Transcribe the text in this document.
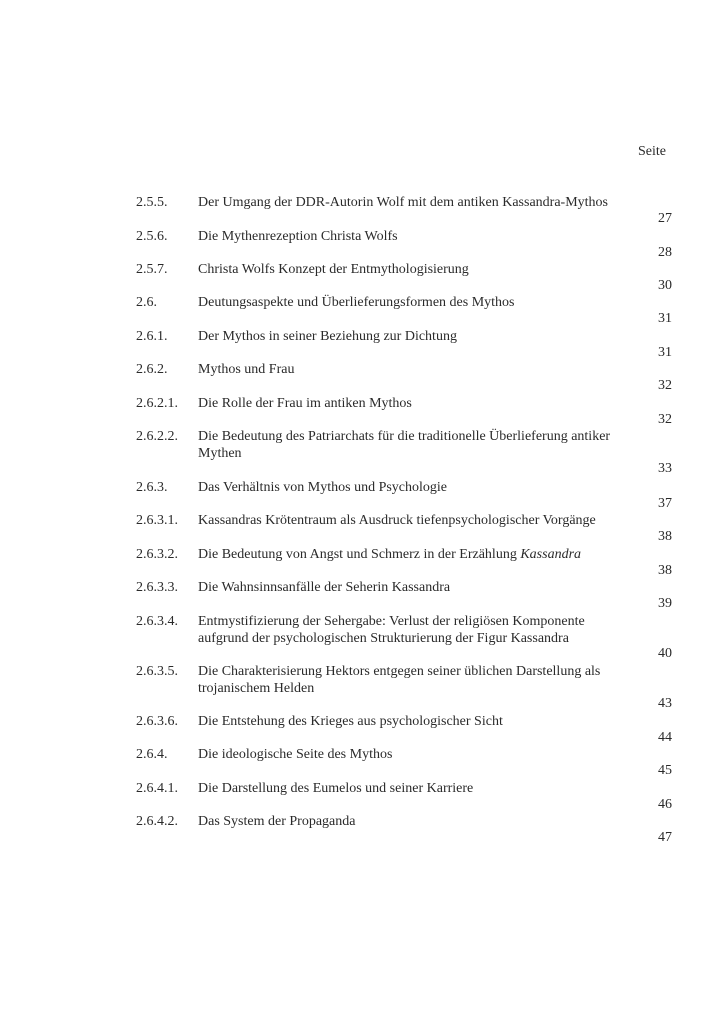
Seite
2.5.5. Der Umgang der DDR-Autorin Wolf mit dem antiken Kassandra-Mythos
27
2.5.6. Die Mythenrezeption Christa Wolfs
28
2.5.7. Christa Wolfs Konzept der Entmythologisierung
30
2.6.	Deutungsaspekte und Überlieferungsformen des Mythos
31
2.6.1. Der Mythos in seiner Beziehung zur Dichtung
31
2.6.2. Mythos und Frau
32
2.6.2.1. Die Rolle der Frau im antiken Mythos
32
2.6.2.2. Die Bedeutung des Patriarchats für die traditionelle Überlieferung antiker
Mythen
33
2.6.3. Das Verhältnis von Mythos und Psychologie
37
2.6.3.1. Kassandras Krötentraum als Ausdruck tiefenpsychologischer Vorgänge
38
2.6.3.2. Die Bedeutung von Angst und Schmerz in der Erzählung Kassandra
38
2.6.3.3. Die Wahnsinnsanfälle der Seherin Kassandra
39
2.6.3.4. Entmystifizierung der Sehergabe: Verlust der religiösen Komponente
aufgrund der psychologischen Strukturierung der Figur Kassandra
40
2.6.3.5. Die Charakterisierung Hektors entgegen seiner üblichen Darstellung als
trojanischem Helden
43
2.6.3.6. Die Entstehung des Krieges aus psychologischer Sicht
44
2.6.4. Die ideologische Seite des Mythos
45
2.6.4.1. Die Darstellung des Eumelos und seiner Karriere
46
2.6.4.2. Das System der Propaganda
47
